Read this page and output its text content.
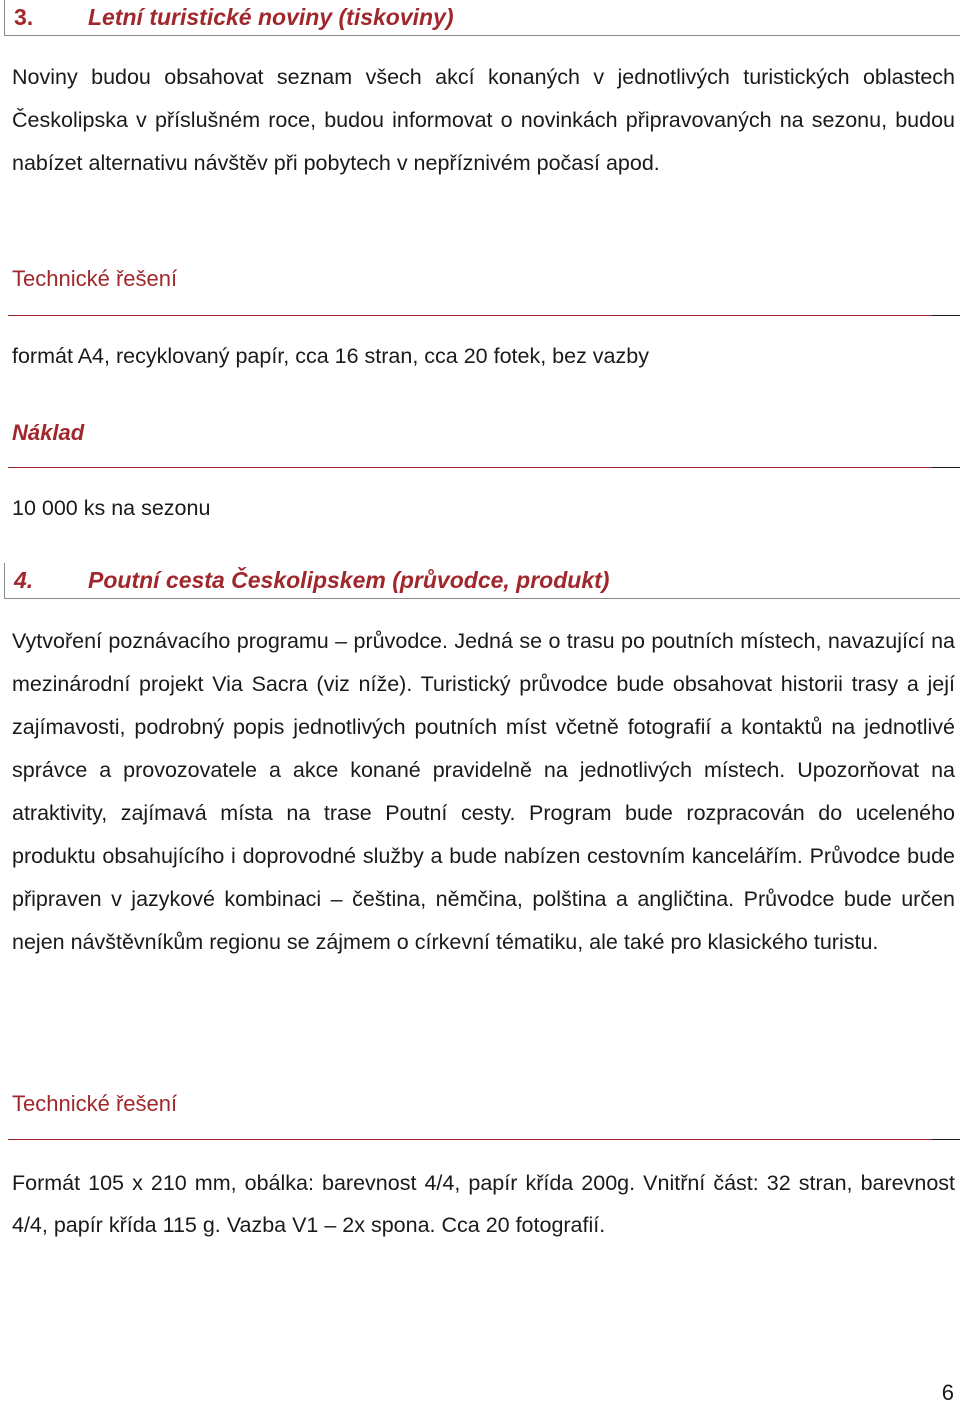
3. Letní turistické noviny (tiskoviny)

Noviny budou obsahovat seznam všech akcí konaných v jednotlivých turistických oblastech Českolipska v příslušném roce, budou informovat o novinkách připravovaných na sezonu, budou nabízet alternativu návštěv při pobytech v nepříznivém počasí apod.

Technické řešení

formát A4, recyklovaný papír, cca 16 stran, cca 20 fotek, bez vazby

Náklad

10 000 ks na sezonu

4. Poutní cesta Českolipskem (průvodce, produkt)

Vytvoření poznávacího programu – průvodce. Jedná se o trasu po poutních místech, navazující na mezinárodní projekt Via Sacra (viz níže). Turistický průvodce bude obsahovat historii trasy a její zajímavosti, podrobný popis jednotlivých poutních míst včetně fotografií a kontaktů na jednotlivé správce a provozovatele a akce konané pravidelně na jednotlivých místech. Upozorňovat na atraktivity, zajímavá místa na trase Poutní cesty. Program bude rozpracován do uceleného produktu obsahujícího i doprovodné služby a bude nabízen cestovním kancelářím. Průvodce bude připraven v jazykové kombinaci – čeština, němčina, polština a angličtina. Průvodce bude určen nejen návštěvníkům regionu se zájmem o církevní tématiku, ale také pro klasického turistu.

Technické řešení

Formát 105 x 210 mm, obálka: barevnost 4/4, papír křída 200g. Vnitřní část: 32 stran, barevnost 4/4, papír křída 115 g. Vazba V1 – 2x spona. Cca 20 fotografií.

6
